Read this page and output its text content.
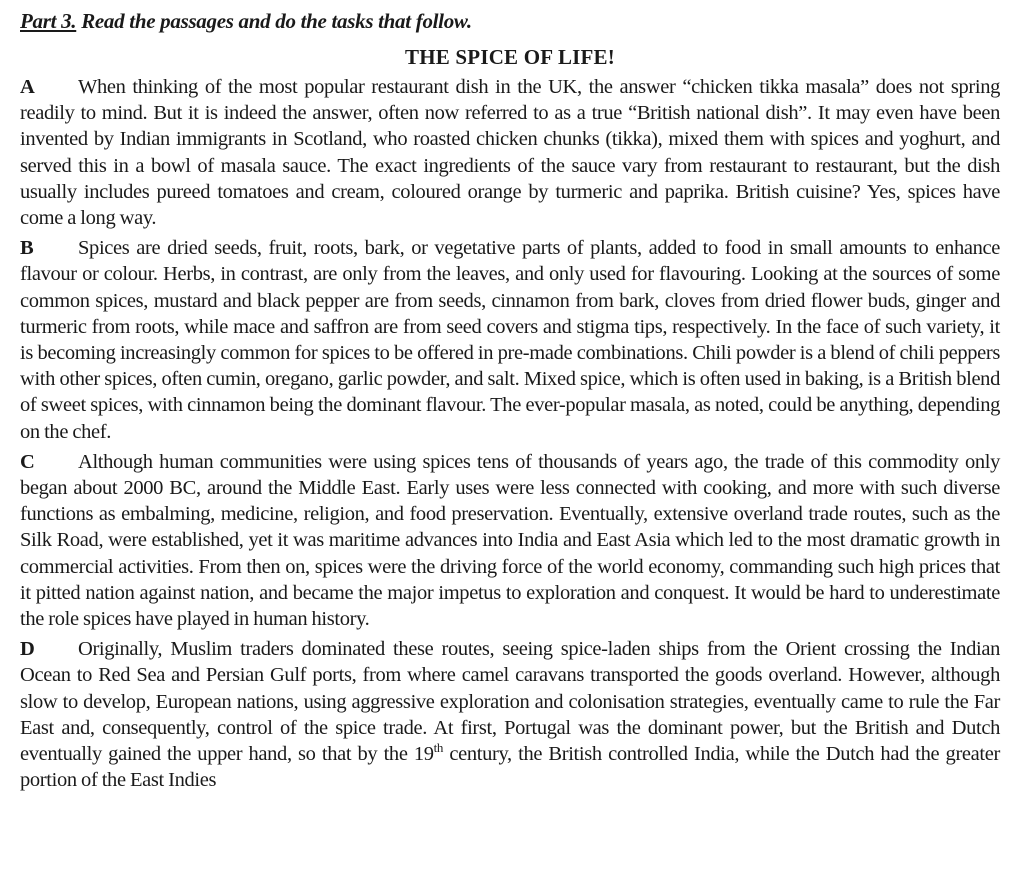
Part 3. Read the passages and do the tasks that follow.

THE SPICE OF LIFE!

A When thinking of the most popular restaurant dish in the UK, the answer “chicken tikka masala” does not spring readily to mind. But it is indeed the answer, often now referred to as a true “British national dish”. It may even have been invented by Indian immigrants in Scotland, who roasted chicken chunks (tikka), mixed them with spices and yoghurt, and served this in a bowl of masala sauce. The exact ingredients of the sauce vary from restaurant to restaurant, but the dish usually includes pureed tomatoes and cream, coloured orange by turmeric and paprika. British cuisine? Yes, spices have come a long way.

B Spices are dried seeds, fruit, roots, bark, or vegetative parts of plants, added to food in small amounts to enhance flavour or colour. Herbs, in contrast, are only from the leaves, and only used for flavouring. Looking at the sources of some common spices, mustard and black pepper are from seeds, cinnamon from bark, cloves from dried flower buds, ginger and turmeric from roots, while mace and saffron are from seed covers and stigma tips, respectively. In the face of such variety, it is becoming increasingly common for spices to be offered in pre-made combinations. Chili powder is a blend of chili peppers with other spices, often cumin, oregano, garlic powder, and salt. Mixed spice, which is often used in baking, is a British blend of sweet spices, with cinnamon being the dominant flavour. The ever-popular masala, as noted, could be anything, depending on the chef.

C Although human communities were using spices tens of thousands of years ago, the trade of this commodity only began about 2000 BC, around the Middle East. Early uses were less connected with cooking, and more with such diverse functions as embalming, medicine, religion, and food preservation. Eventually, extensive overland trade routes, such as the Silk Road, were established, yet it was maritime advances into India and East Asia which led to the most dramatic growth in commercial activities. From then on, spices were the driving force of the world economy, commanding such high prices that it pitted nation against nation, and became the major impetus to exploration and conquest. It would be hard to underestimate the role spices have played in human history.

D Originally, Muslim traders dominated these routes, seeing spice-laden ships from the Orient crossing the Indian Ocean to Red Sea and Persian Gulf ports, from where camel caravans transported the goods overland. However, although slow to develop, European nations, using aggressive exploration and colonisation strategies, eventually came to rule the Far East and, consequently, control of the spice trade. At first, Portugal was the dominant power, but the British and Dutch eventually gained the upper hand, so that by the 19th century, the British controlled India, while the Dutch had the greater portion of the East Indies
